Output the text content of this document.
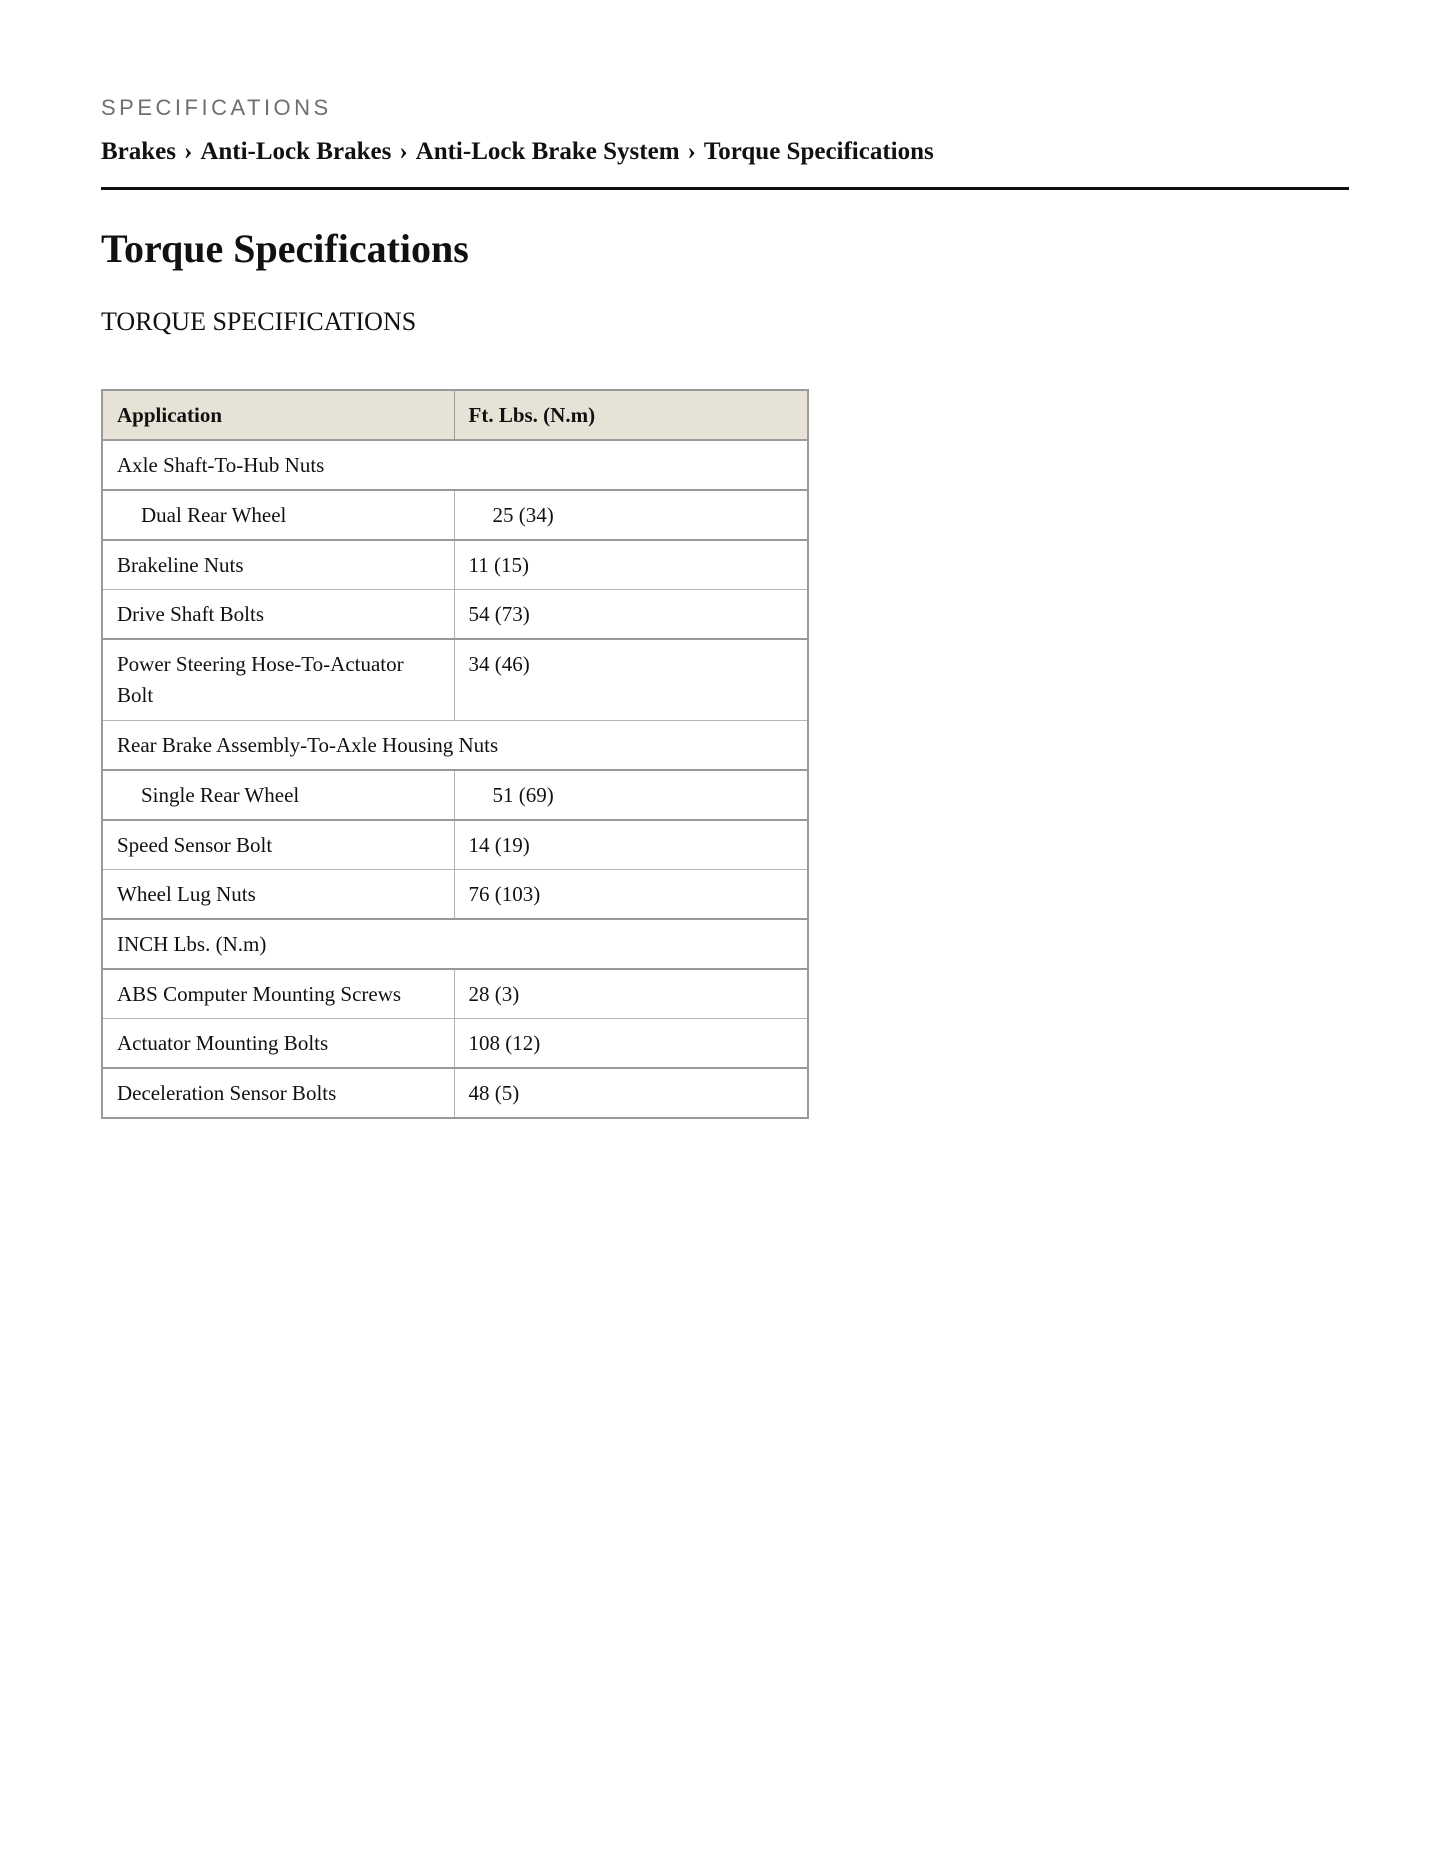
SPECIFICATIONS

Brakes › Anti-Lock Brakes › Anti-Lock Brake System › Torque Specifications
Torque Specifications
TORQUE SPECIFICATIONS
Application	Ft. Lbs. (N.m)
Axle Shaft-To-Hub Nuts	
Dual Rear Wheel	25 (34)
Brakeline Nuts	11 (15)
Drive Shaft Bolts	54 (73)
Power Steering Hose-To-Actuator Bolt	34 (46)
Rear Brake Assembly-To-Axle Housing Nuts	
Single Rear Wheel	51 (69)
Speed Sensor Bolt	14 (19)
Wheel Lug Nuts	76 (103)
INCH Lbs. (N.m)	
ABS Computer Mounting Screws	28 (3)
Actuator Mounting Bolts	108 (12)
Deceleration Sensor Bolts	48 (5)
